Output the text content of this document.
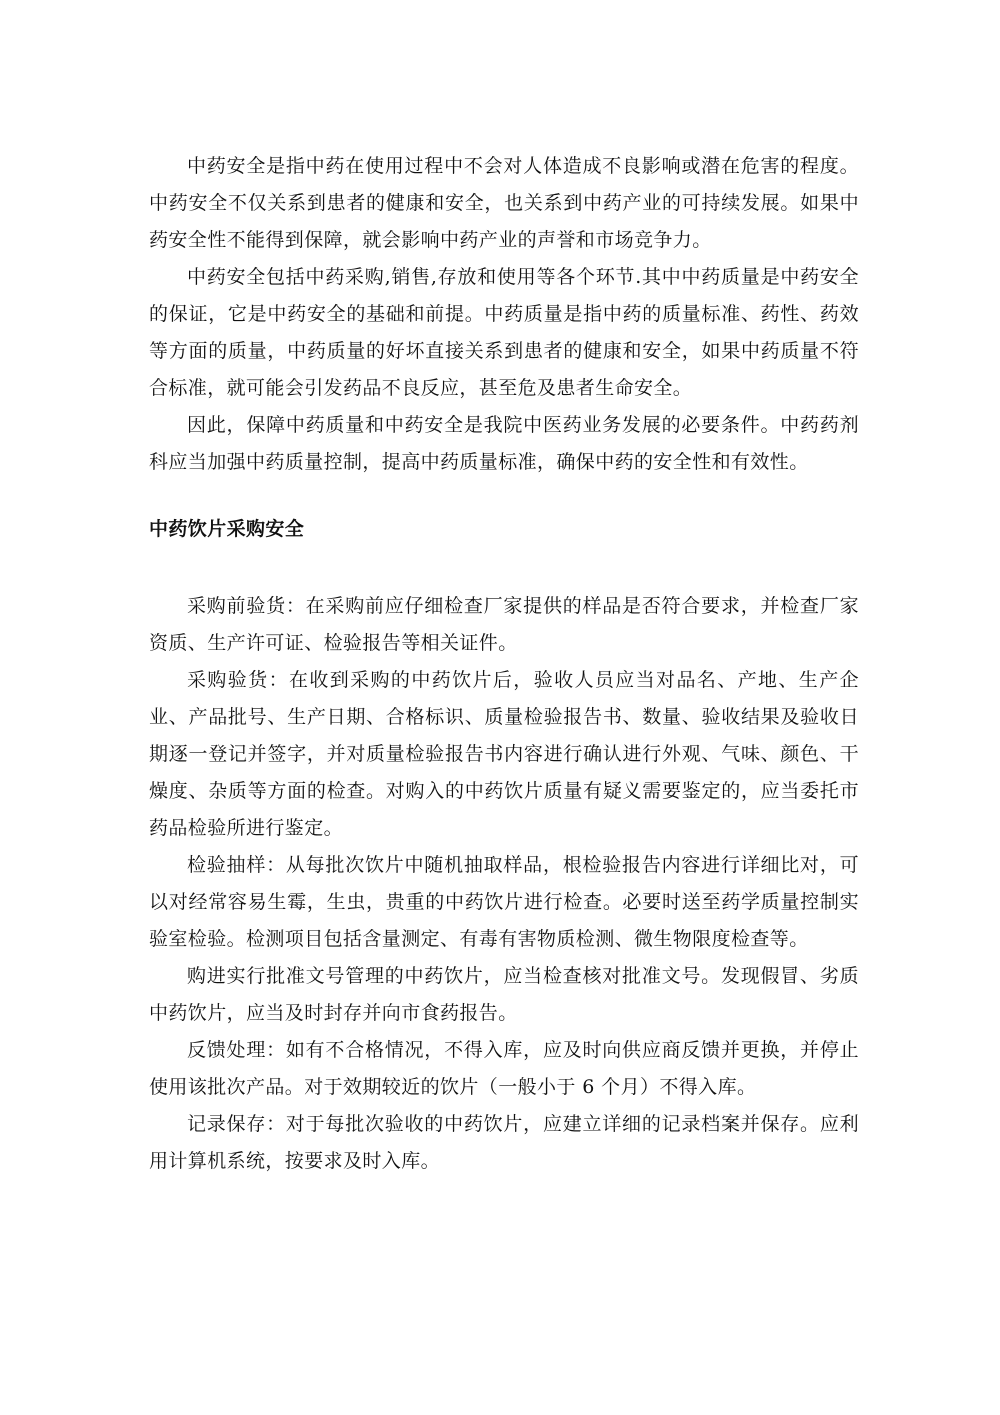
中药安全是指中药在使用过程中不会对人体造成不良影响或潜在危害的程度。中药安全不仅关系到患者的健康和安全，也关系到中药产业的可持续发展。如果中药安全性不能得到保障，就会影响中药产业的声誉和市场竞争力。

中药安全包括中药采购,销售,存放和使用等各个环节.其中中药质量是中药安全的保证，它是中药安全的基础和前提。中药质量是指中药的质量标准、药性、药效等方面的质量，中药质量的好坏直接关系到患者的健康和安全，如果中药质量不符合标准，就可能会引发药品不良反应，甚至危及患者生命安全。

因此，保障中药质量和中药安全是我院中医药业务发展的必要条件。中药药剂科应当加强中药质量控制，提高中药质量标准，确保中药的安全性和有效性。

中药饮片采购安全

采购前验货：在采购前应仔细检查厂家提供的样品是否符合要求，并检查厂家资质、生产许可证、检验报告等相关证件。

采购验货：在收到采购的中药饮片后，验收人员应当对品名、产地、生产企业、产品批号、生产日期、合格标识、质量检验报告书、数量、验收结果及验收日期逐一登记并签字，并对质量检验报告书内容进行确认进行外观、气味、颜色、干燥度、杂质等方面的检查。对购入的中药饮片质量有疑义需要鉴定的，应当委托市药品检验所进行鉴定。

检验抽样：从每批次饮片中随机抽取样品，根检验报告内容进行详细比对，可以对经常容易生霉，生虫，贵重的中药饮片进行检查。必要时送至药学质量控制实验室检验。检测项目包括含量测定、有毒有害物质检测、微生物限度检查等。

购进实行批准文号管理的中药饮片，应当检查核对批准文号。发现假冒、劣质中药饮片，应当及时封存并向市食药报告。

反馈处理：如有不合格情况，不得入库，应及时向供应商反馈并更换，并停止使用该批次产品。对于效期较近的饮片（一般小于 6 个月）不得入库。

记录保存：对于每批次验收的中药饮片，应建立详细的记录档案并保存。应利用计算机系统，按要求及时入库。
